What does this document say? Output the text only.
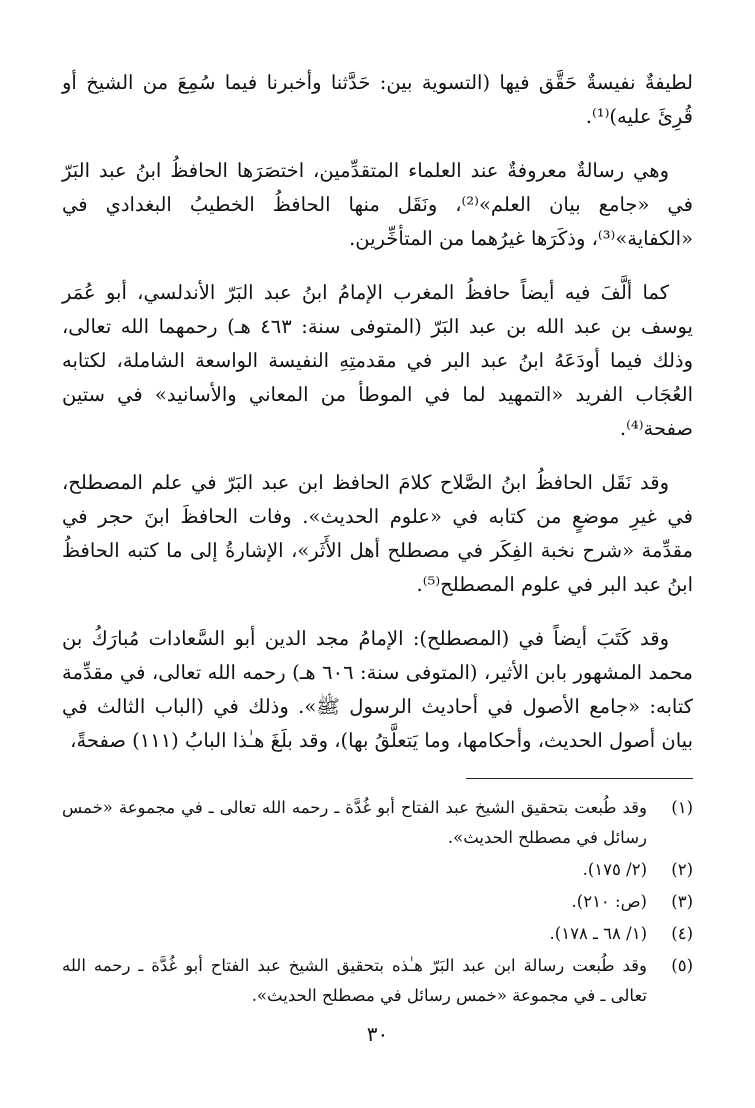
لطيفةٌ نفيسةٌ حَقَّق فيها (التسوية بين: حَدَّثنا وأخبرنا فيما سُمِعَ من الشيخ أو قُرِئَ عليه)⁽¹⁾.

وهي رسالةٌ معروفةٌ عند العلماء المتقدِّمين، اختصَرَها الحافظُ ابنُ عبد البَرّ في «جامع بيان العلم»⁽²⁾، ونَقَل منها الحافظُ الخطيبُ البغدادي في «الكفاية»⁽³⁾، وذكَرَها غيرُهما من المتأخِّرين.

كما ألَّفَ فيه أيضاً حافظُ المغرب الإمامُ ابنُ عبد البَرّ الأندلسي، أبو عُمَر يوسف بن عبد الله بن عبد البَرّ (المتوفى سنة: ٤٦٣ هـ) رحمهما الله تعالى، وذلك فيما أودَعَهُ ابنُ عبد البر في مقدمتِهِ النفيسة الواسعة الشاملة، لكتابه العُجَاب الفريد «التمهيد لما في الموطأ من المعاني والأسانيد» في ستين صفحة⁽⁴⁾.

وقد نَقَل الحافظُ ابنُ الصَّلاح كلامَ الحافظ ابن عبد البَرّ في علم المصطلح، في غيرِ موضعٍ من كتابه في «علوم الحديث». وفات الحافظَ ابنَ حجر في مقدِّمة «شرح نخبة الفِكَر في مصطلح أهل الأَثَر»، الإشارةُ إلى ما كتبه الحافظُ ابنُ عبد البر في علوم المصطلح⁽⁵⁾.

وقد كَتَبَ أيضاً في (المصطلح): الإمامُ مجد الدين أبو السَّعادات مُبارَكُ بن محمد المشهور بابن الأثير، (المتوفى سنة: ٦٠٦ هـ) رحمه الله تعالى، في مقدِّمة كتابه: «جامع الأصول في أحاديث الرسول ﷺ». وذلك في (الباب الثالث في بيان أصول الحديث، وأحكامها، وما يَتعلَّقُ بها)، وقد بلَغَ هـٰذا البابُ (١١١) صفحةً،

(١)
وقد طُبعت بتحقيق الشيخ عبد الفتاح أبو غُدَّة ـ رحمه الله تعالى ـ في مجموعة «خمس رسائل في مصطلح الحديث».
(٢)
(٢/ ١٧٥).
(٣)
(ص: ٢١٠).
(٤)
(١/ ٦٨ ـ ١٧٨).
(٥)
وقد طُبعت رسالة ابن عبد البَرّ هـٰذه بتحقيق الشيخ عبد الفتاح أبو غُدَّة ـ رحمه الله تعالى ـ في مجموعة «خمس رسائل في مصطلح الحديث».
٣٠
